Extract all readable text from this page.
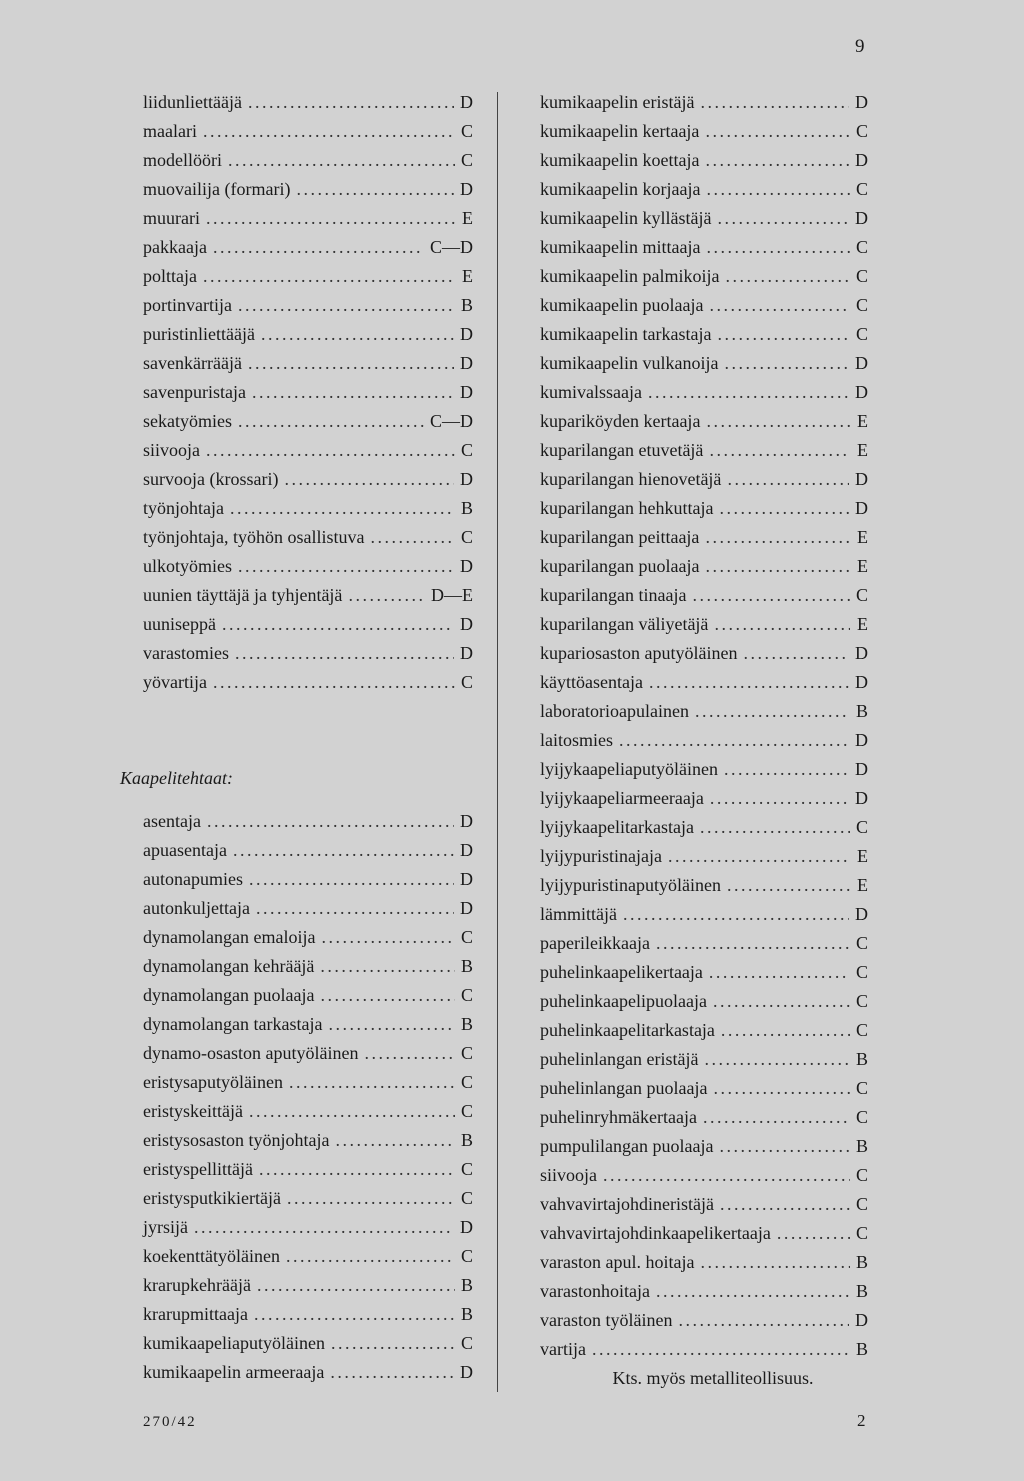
9
liidunliettääjä .....	D
maalari .....	C
modellööri .....	C
muovailija (formari) .....	D
muurari .....	E
pakkaaja .....	C—D
polttaja .....	E
portinvartija .....	B
puristinliettääjä .....	D
savenkärrääjä .....	D
savenpuristaja .....	D
sekatyömies .....	C—D
siivooja .....	C
survooja (krossari) .....	D
työnjohtaja .....	B
työnjohtaja, työhön osallistuva .....	C
ulkotyömies .....	D
uunien täyttäjä ja tyhjentäjä .....	D—E
uuniseppä .....	D
varastomies .....	D
yövartija .....	C
Kaapelitehtaat:
asentaja .....	D
apuasentaja .....	D
autonapumies .....	D
autonkuljettaja .....	D
dynamolangan emaloija .....	C
dynamolangan kehrääjä .....	B
dynamolangan puolaaja .....	C
dynamolangan tarkastaja .....	B
dynamo-osaston aputyöläinen .....	C
eristysaputyöläinen .....	C
eristyskeittäjä .....	C
eristysosaston työnjohtaja .....	B
eristyspellittäjä .....	C
eristysputkikiertäjä .....	C
jyrsijä .....	D
koekenttätyöläinen .....	C
krarupkehrääjä .....	B
krarupmittaaja .....	B
kumikaapeliaputyöläinen .....	C
kumikaapelin armeeraaja .....	D
kumikaapelin eristäjä .....	D
kumikaapelin kertaaja .....	C
kumikaapelin koettaja .....	D
kumikaapelin korjaaja .....	C
kumikaapelin kyllästäjä .....	D
kumikaapelin mittaaja .....	C
kumikaapelin palmikoija .....	C
kumikaapelin puolaaja .....	C
kumikaapelin tarkastaja .....	C
kumikaapelin vulkanoija .....	D
kumivalssaaja .....	D
kupariköyden kertaaja .....	E
kuparilangan etuvetäjä .....	E
kuparilangan hienovetäjä .....	D
kuparilangan hehkuttaja .....	D
kuparilangan peittaaja .....	E
kuparilangan puolaaja .....	E
kuparilangan tinaaja .....	C
kuparilangan väliyetäjä .....	E
kupariosaston aputyöläinen .....	D
käyttöasentaja .....	D
laboratorioapulainen .....	B
laitosmies .....	D
lyijykaapeliaputyöläinen .....	D
lyijykaapeliarmeeraaja .....	D
lyijykaapelitarkastaja .....	C
lyijypuristinajaja .....	E
lyijypuristinaputyöläinen .....	E
lämmittäjä .....	D
paperileikkaaja .....	C
puhelinkaapelikertaaja .....	C
puhelinkaapelipuolaaja .....	C
puhelinkaapelitarkastaja .....	C
puhelinlangan eristäjä .....	B
puhelinlangan puolaaja .....	C
puhelinryhmäkertaaja .....	C
pumpulilangan puolaaja .....	B
siivooja .....	C
vahvavirtajohdineristäjä .....	C
vahvavirtajohdinkaapelikertaaja .....	C
varaston apul. hoitaja .....	B
varastonhoitaja .....	B
varaston työläinen .....	D
vartija .....	B
Kts. myös metalliteollisuus.
270/42	2
